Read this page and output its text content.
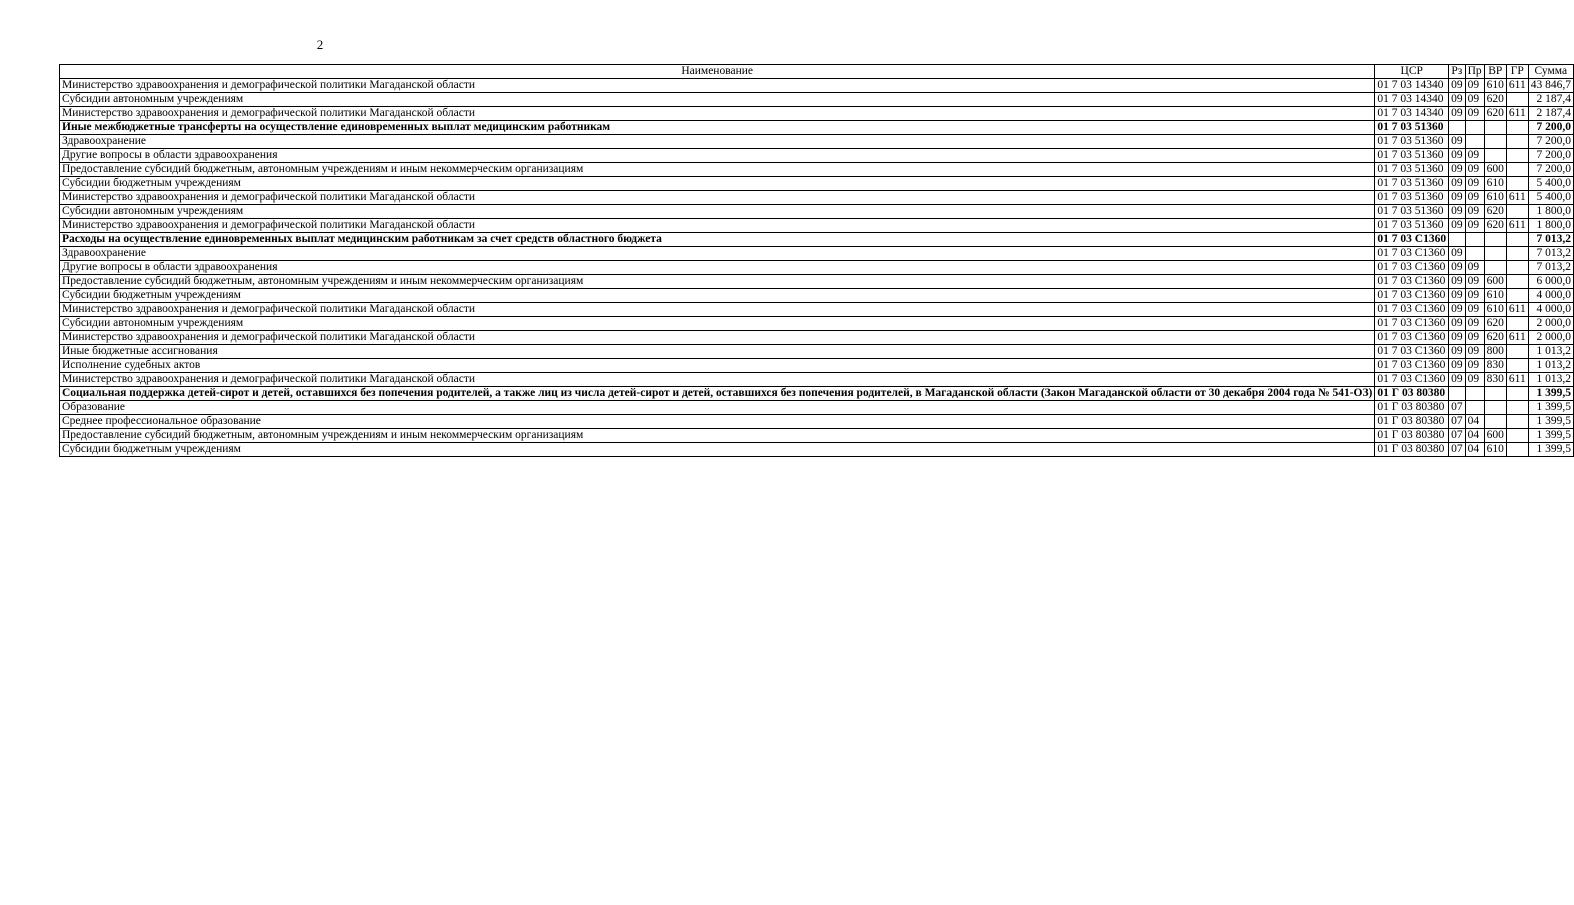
2
Наименование	ЦСР	Рз	Пр	ВР	ГР	Сумма
Министерство здравоохранения и демографической политики Магаданской области	01 7 03 14340	09	09	610	611	43 846,7
Субсидии автономным учреждениям	01 7 03 14340	09	09	620		2 187,4
Министерство здравоохранения и демографической политики Магаданской области	01 7 03 14340	09	09	620	611	2 187,4
Иные межбюджетные трансферты на осуществление единовременных выплат медицинским работникам	01 7 03 51360					7 200,0
Здравоохранение	01 7 03 51360	09				7 200,0
Другие вопросы в области здравоохранения	01 7 03 51360	09	09			7 200,0
Предоставление субсидий бюджетным, автономным учреждениям и иным некоммерческим организациям	01 7 03 51360	09	09	600		7 200,0
Субсидии бюджетным учреждениям	01 7 03 51360	09	09	610		5 400,0
Министерство здравоохранения и демографической политики Магаданской области	01 7 03 51360	09	09	610	611	5 400,0
Субсидии автономным учреждениям	01 7 03 51360	09	09	620		1 800,0
Министерство здравоохранения и демографической политики Магаданской области	01 7 03 51360	09	09	620	611	1 800,0
Расходы на осуществление единовременных выплат медицинским работникам за счет средств областного бюджета	01 7 03 С1360					7 013,2
Здравоохранение	01 7 03 С1360	09				7 013,2
Другие вопросы в области здравоохранения	01 7 03 С1360	09	09			7 013,2
Предоставление субсидий бюджетным, автономным учреждениям и иным некоммерческим организациям	01 7 03 С1360	09	09	600		6 000,0
Субсидии бюджетным учреждениям	01 7 03 С1360	09	09	610		4 000,0
Министерство здравоохранения и демографической политики Магаданской области	01 7 03 С1360	09	09	610	611	4 000,0
Субсидии автономным учреждениям	01 7 03 С1360	09	09	620		2 000,0
Министерство здравоохранения и демографической политики Магаданской области	01 7 03 С1360	09	09	620	611	2 000,0
Иные бюджетные ассигнования	01 7 03 С1360	09	09	800		1 013,2
Исполнение судебных актов	01 7 03 С1360	09	09	830		1 013,2
Министерство здравоохранения и демографической политики Магаданской области	01 7 03 С1360	09	09	830	611	1 013,2
Социальная поддержка детей-сирот и детей, оставшихся без попечения родителей, а также лиц из числа детей-сирот и детей, оставшихся без попечения родителей, в Магаданской области (Закон Магаданской области от 30 декабря 2004 года № 541-ОЗ)	01 Г 03 80380					1 399,5
Образование	01 Г 03 80380	07				1 399,5
Среднее профессиональное образование	01 Г 03 80380	07	04			1 399,5
Предоставление субсидий бюджетным, автономным учреждениям и иным некоммерческим организациям	01 Г 03 80380	07	04	600		1 399,5
Субсидии бюджетным учреждениям	01 Г 03 80380	07	04	610		1 399,5
